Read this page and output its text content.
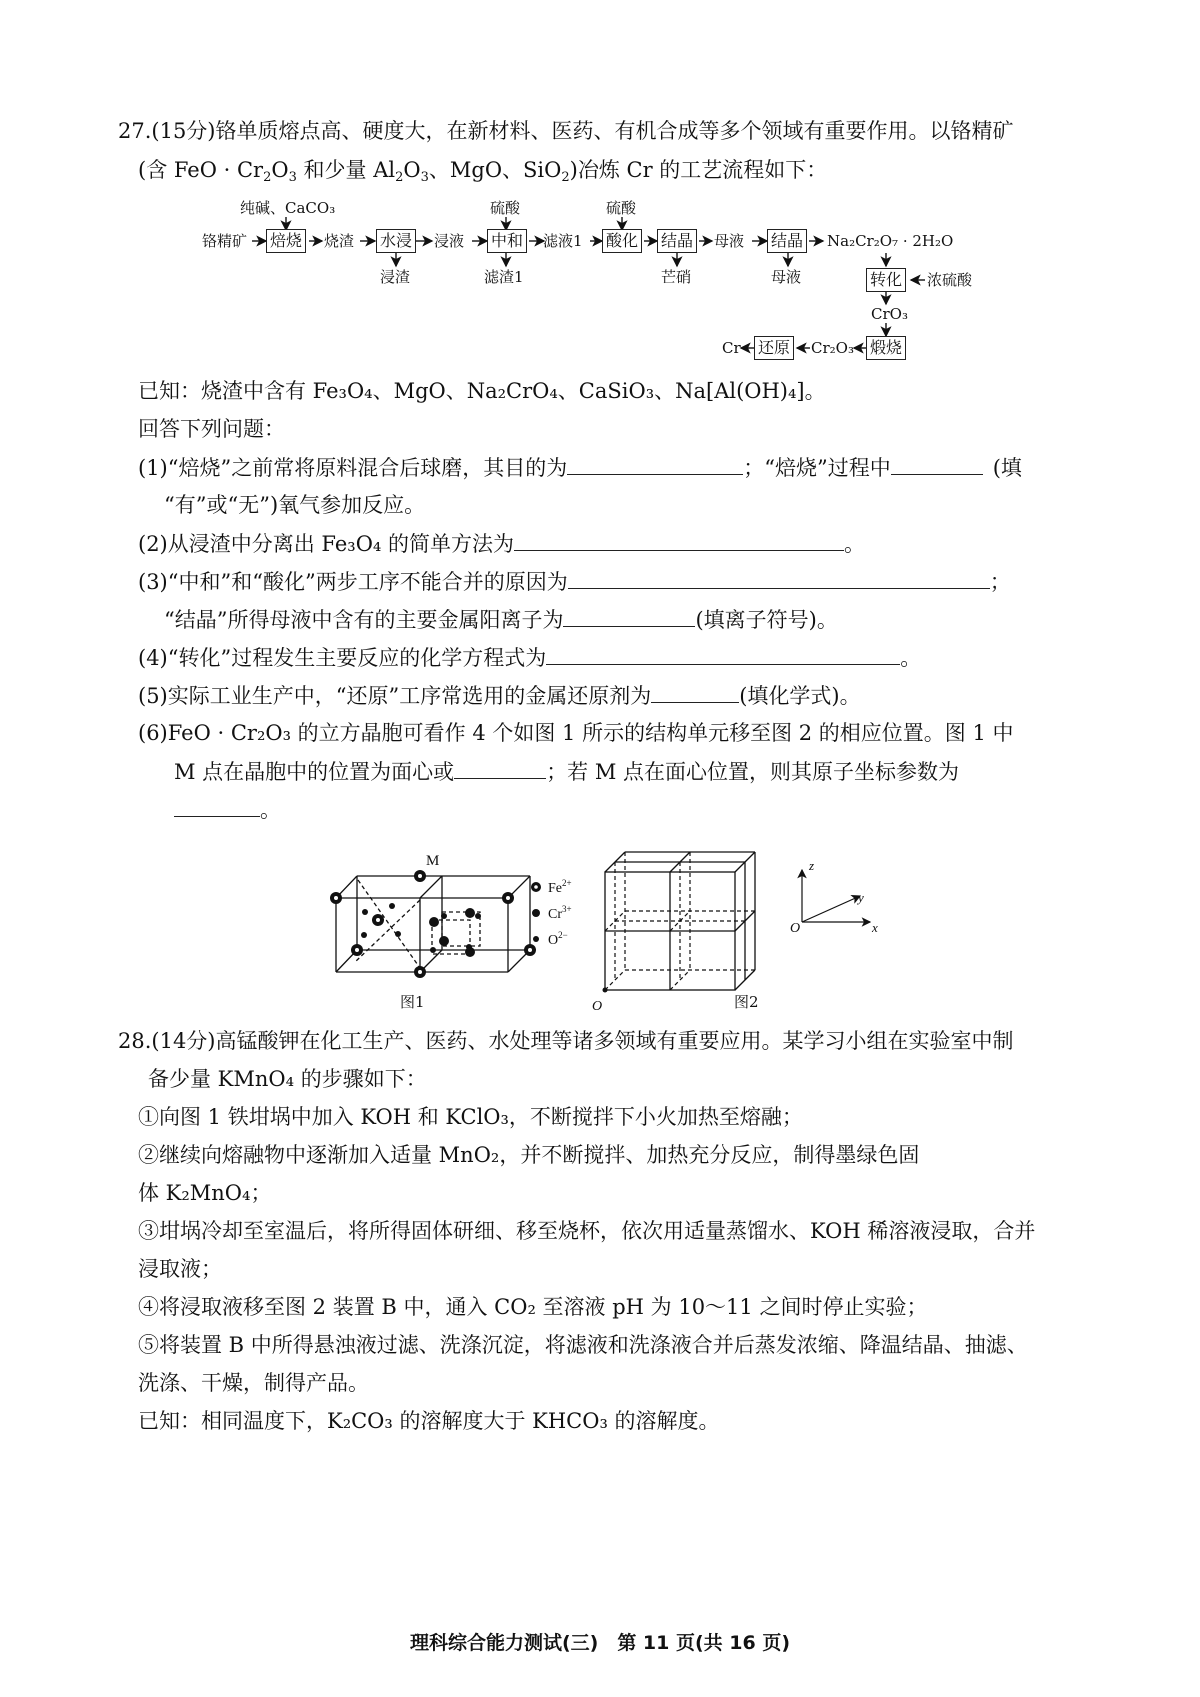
27.(15分)铬单质熔点高、硬度大，在新材料、医药、有机合成等多个领域有重要作用。以铬精矿
(含 FeO · $Cr_2O_3$ 和少量 $Al_2O_3$、MgO、SiO$_2$)冶炼 Cr 的工艺流程如下：
铬精矿
纯碱、CaCO₃
焙烧 烧渣 水浸
浸渣
浸液
硫酸
中和
滤渣1
滤液1
硫酸
酸化 结晶
芒硝
母液 结晶
母液
Na₂Cr₂O₇ · 2H₂O
转化 浓硫酸
CrO₃
煅烧
Cr₂O₃
还原
Cr
已知：烧渣中含有 Fe₃O₄、MgO、Na₂CrO₄、CaSiO₃、Na[Al(OH)₄]。
回答下列问题：
(1)“焙烧”之前常将原料混合后球磨，其目的为	；“焙烧”过程中	(填
“有”或“无”)氧气参加反应。
(2)从浸渣中分离出 Fe₃O₄ 的简单方法为	。
(3)“中和”和“酸化”两步工序不能合并的原因为	；
“结晶”所得母液中含有的主要金属阳离子为	(填离子符号)。
(4)“转化”过程发生主要反应的化学方程式为	。
(5)实际工业生产中，“还原”工序常选用的金属还原剂为	(填化学式)。
(6)FeO · Cr₂O₃ 的立方晶胞可看作 4 个如图 1 所示的结构单元移至图 2 的相应位置。图 1 中
M 点在晶胞中的位置为面心或	；若 M 点在面心位置，则其原子坐标参数为
。
$Fe^{2+}$
$Cr^{3+}$
$O^{2-}$
M
O
z
y
x
O
图1	图2
28.(14分)高锰酸钾在化工生产、医药、水处理等诸多领域有重要应用。某学习小组在实验室中制
备少量 KMnO₄ 的步骤如下：
①向图 1 铁坩埚中加入 KOH 和 KClO₃，不断搅拌下小火加热至熔融；
②继续向熔融物中逐渐加入适量 MnO₂，并不断搅拌、加热充分反应，制得墨绿色固
体 K₂MnO₄；
③坩埚冷却至室温后，将所得固体研细、移至烧杯，依次用适量蒸馏水、KOH 稀溶液浸取，合并
浸取液；
④将浸取液移至图 2 装置 B 中，通入 CO₂ 至溶液 pH 为 10～11 之间时停止实验；
⑤将装置 B 中所得悬浊液过滤、洗涤沉淀，将滤液和洗涤液合并后蒸发浓缩、降温结晶、抽滤、
洗涤、干燥，制得产品。
已知：相同温度下，K₂CO₃ 的溶解度大于 KHCO₃ 的溶解度。
理科综合能力测试(三)　第 11 页(共 16 页)
